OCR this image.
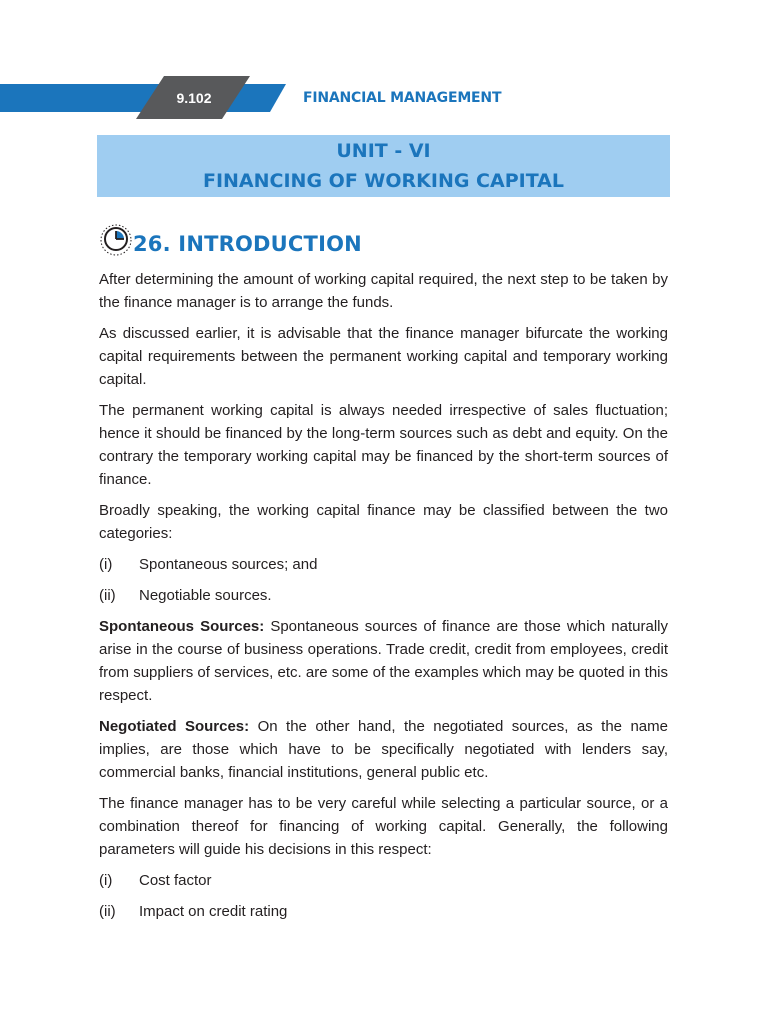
9.102	FINANCIAL MANAGEMENT
UNIT - VI
FINANCING OF WORKING CAPITAL
26. INTRODUCTION

After determining the amount of working capital required, the next step to be taken by the finance manager is to arrange the funds.

As discussed earlier, it is advisable that the finance manager bifurcate the working capital requirements between the permanent working capital and temporary working capital.

The permanent working capital is always needed irrespective of sales fluctuation; hence it should be financed by the long-term sources such as debt and equity. On the contrary the temporary working capital may be financed by the short-term sources of finance.

Broadly speaking, the working capital finance may be classified between the two categories:

(i)	Spontaneous sources; and
(ii)	Negotiable sources.

Spontaneous Sources: Spontaneous sources of finance are those which naturally arise in the course of business operations. Trade credit, credit from employees, credit from suppliers of services, etc. are some of the examples which may be quoted in this respect.

Negotiated Sources: On the other hand, the negotiated sources, as the name implies, are those which have to be specifically negotiated with lenders say, commercial banks, financial institutions, general public etc.

The finance manager has to be very careful while selecting a particular source, or a combination thereof for financing of working capital. Generally, the following parameters will guide his decisions in this respect:

(i)	Cost factor
(ii)	Impact on credit rating
